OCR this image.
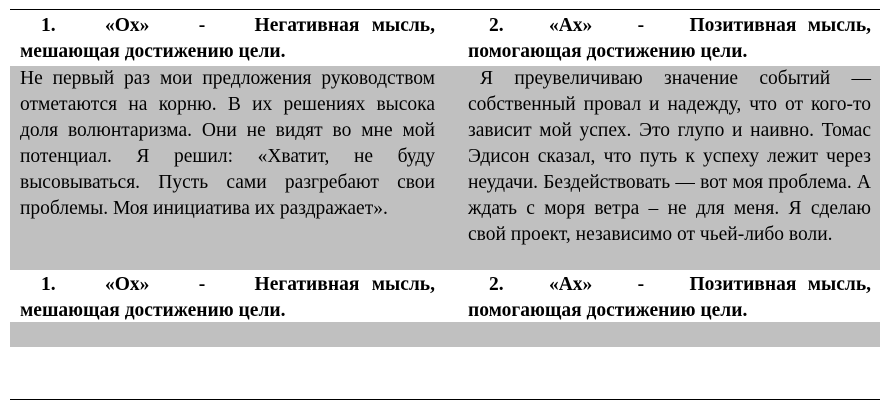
1.    «Ох»    -    Негативная мысль, мешающая достижению цели.
2.    «Ах»    -    Позитивная мысль, помогающая достижению цели.
Не первый раз мои предложения руководством отметаются на корню. В их решениях высока доля волюнтаризма. Они не видят во мне мой потенциал. Я решил: «Хватит, не буду высовываться. Пусть сами разгребают свои проблемы. Моя инициатива их раздражает».
Я преувеличиваю значение событий — собственный провал и надежду, что от кого-то зависит мой успех. Это глупо и наивно. Томас Эдисон сказал, что путь к успеху лежит через неудачи. Бездействовать — вот моя проблема. А ждать с моря ветра – не для меня. Я сделаю свой проект, независимо от чьей-либо воли.
1.    «Ох»    -    Негативная мысль, мешающая достижению цели.
2.    «Ах»    -    Позитивная мысль, помогающая достижению цели.
